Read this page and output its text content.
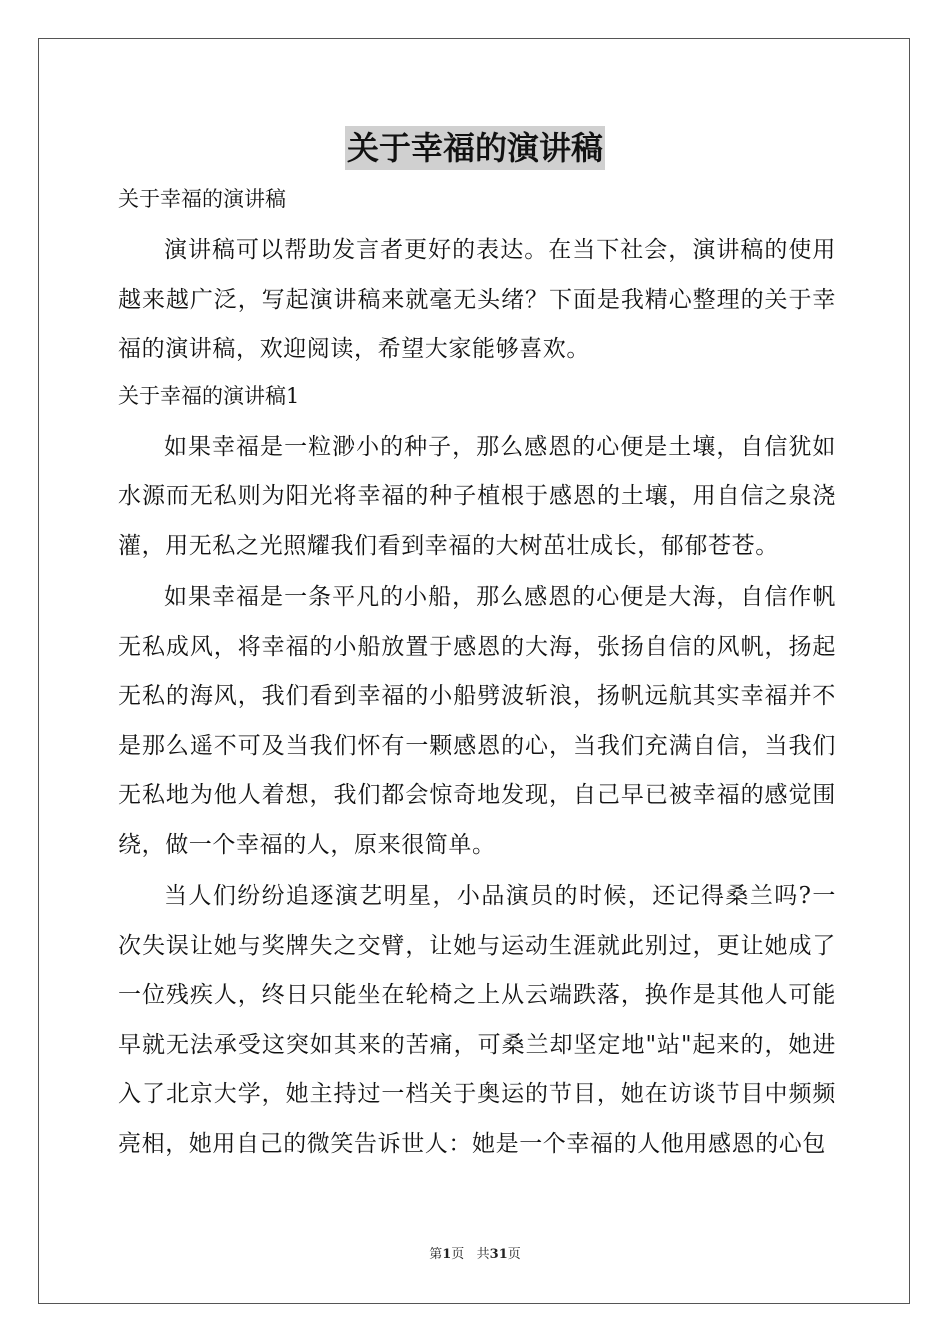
关于幸福的演讲稿

关于幸福的演讲稿

演讲稿可以帮助发言者更好的表达。在当下社会，演讲稿的使用越来越广泛，写起演讲稿来就毫无头绪？下面是我精心整理的关于幸福的演讲稿，欢迎阅读，希望大家能够喜欢。

关于幸福的演讲稿1

如果幸福是一粒渺小的种子，那么感恩的心便是土壤，自信犹如水源而无私则为阳光将幸福的种子植根于感恩的土壤，用自信之泉浇灌，用无私之光照耀我们看到幸福的大树茁壮成长，郁郁苍苍。

如果幸福是一条平凡的小船，那么感恩的心便是大海，自信作帆无私成风，将幸福的小船放置于感恩的大海，张扬自信的风帆，扬起无私的海风，我们看到幸福的小船劈波斩浪，扬帆远航其实幸福并不是那么遥不可及当我们怀有一颗感恩的心，当我们充满自信，当我们无私地为他人着想，我们都会惊奇地发现，自己早已被幸福的感觉围绕，做一个幸福的人，原来很简单。

当人们纷纷追逐演艺明星，小品演员的时候，还记得桑兰吗?一次失误让她与奖牌失之交臂，让她与运动生涯就此别过，更让她成了一位残疾人，终日只能坐在轮椅之上从云端跌落，换作是其他人可能早就无法承受这突如其来的苦痛，可桑兰却坚定地"站"起来的，她进入了北京大学，她主持过一档关于奥运的节目，她在访谈节目中频频亮相，她用自己的微笑告诉世人：她是一个幸福的人他用感恩的心包

第1页   共31页
